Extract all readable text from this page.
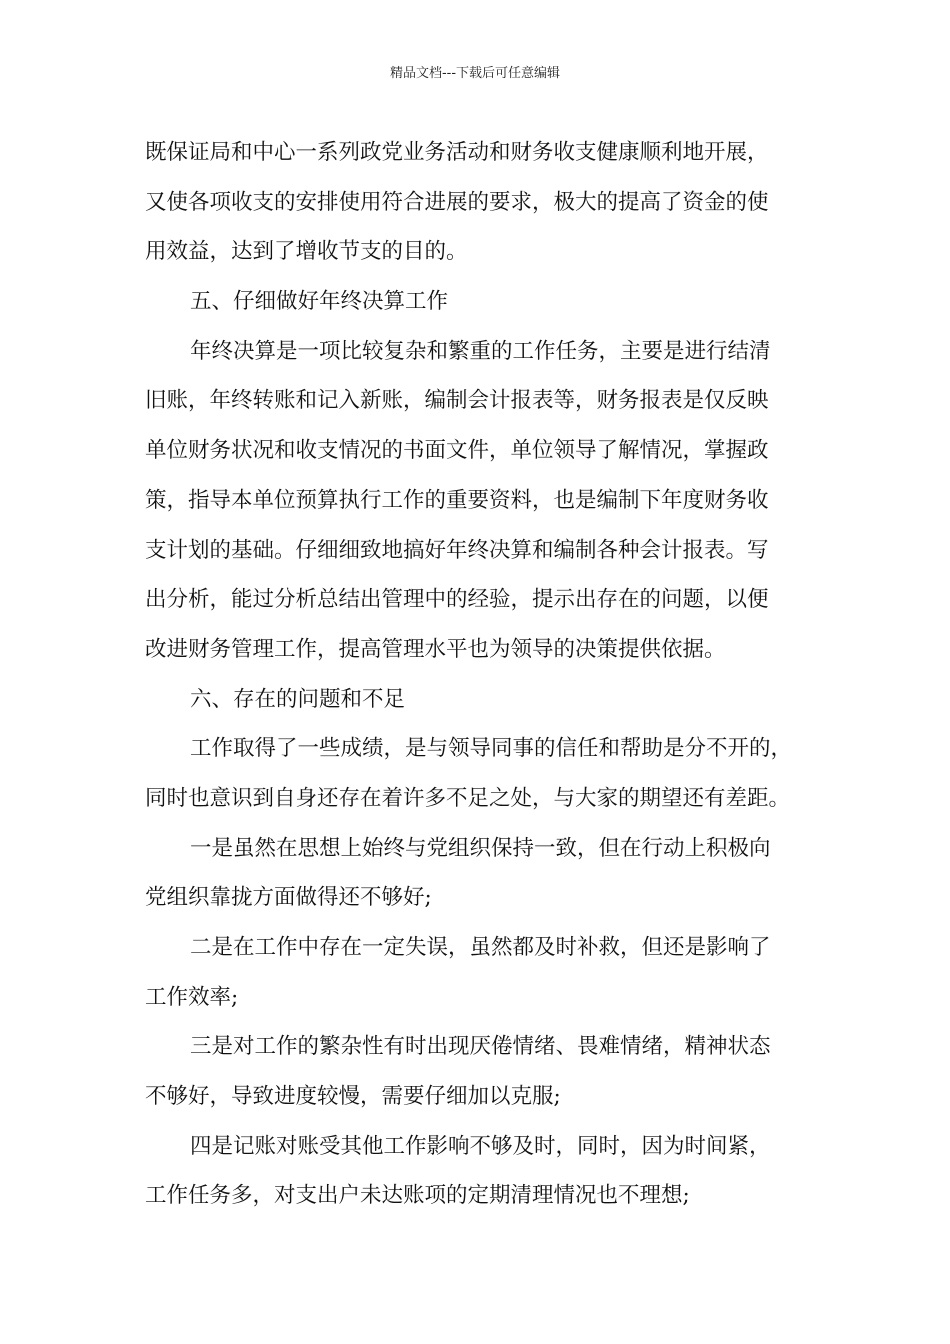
精品文档---下载后可任意编辑
既保证局和中心一系列政党业务活动和财务收支健康顺利地开展，
又使各项收支的安排使用符合进展的要求，极大的提高了资金的使
用效益，达到了增收节支的目的。
五、仔细做好年终决算工作
年终决算是一项比较复杂和繁重的工作任务，主要是进行结清
旧账，年终转账和记入新账，编制会计报表等，财务报表是仅反映
单位财务状况和收支情况的书面文件，单位领导了解情况，掌握政
策，指导本单位预算执行工作的重要资料，也是编制下年度财务收
支计划的基础。仔细细致地搞好年终决算和编制各种会计报表。写
出分析，能过分析总结出管理中的经验，提示出存在的问题，以便
改进财务管理工作，提高管理水平也为领导的决策提供依据。
六、存在的问题和不足
工作取得了一些成绩，是与领导同事的信任和帮助是分不开的，
同时也意识到自身还存在着许多不足之处，与大家的期望还有差距。
一是虽然在思想上始终与党组织保持一致，但在行动上积极向
党组织靠拢方面做得还不够好;
二是在工作中存在一定失误，虽然都及时补救，但还是影响了
工作效率;
三是对工作的繁杂性有时出现厌倦情绪、畏难情绪，精神状态
不够好，导致进度较慢，需要仔细加以克服;
四是记账对账受其他工作影响不够及时，同时，因为时间紧，
工作任务多，对支出户未达账项的定期清理情况也不理想;
